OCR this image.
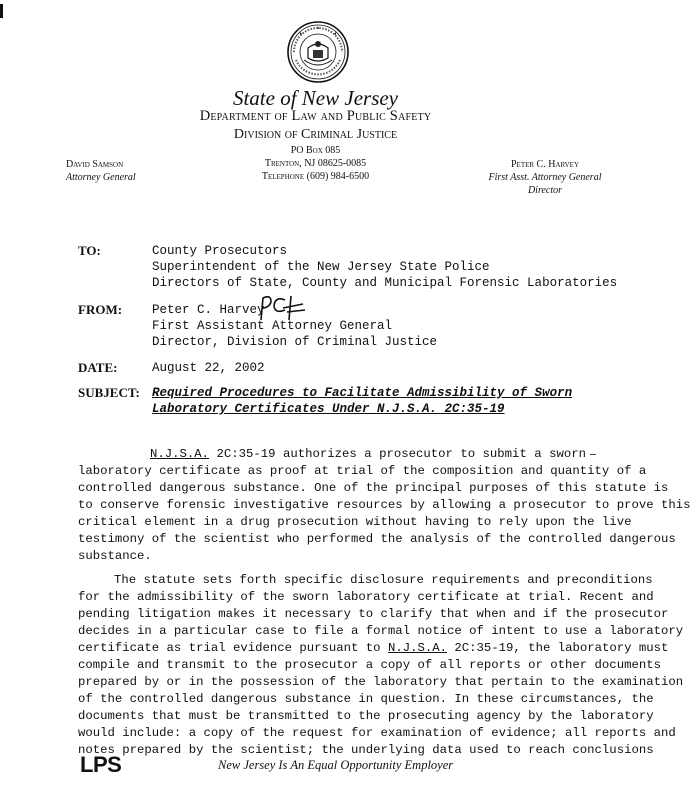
State of New Jersey
Department of Law and Public Safety
Division of Criminal Justice
PO Box 085
Trenton, NJ 08625-0085
Telephone (609) 984-6500
David Samson
Attorney General
Peter C. Harvey
First Asst. Attorney General
Director
TO:	County Prosecutors
Superintendent of the New Jersey State Police
Directors of State, County and Municipal Forensic Laboratories
FROM: Peter C. Harvey
First Assistant Attorney General
Director, Division of Criminal Justice
DATE:	August 22, 2002
SUBJECT: Required Procedures to Facilitate Admissibility of Sworn
Laboratory Certificates Under N.J.S.A. 2C:35-19
N.J.S.A. 2C:35-19 authorizes a prosecutor to submit a sworn
laboratory certificate as proof at trial of the composition and quantity of a
controlled dangerous substance. One of the principal purposes of this statute is
to conserve forensic investigative resources by allowing a prosecutor to prove this
critical element in a drug prosecution without having to rely upon the live
testimony of the scientist who performed the analysis of the controlled dangerous
substance.
The statute sets forth specific disclosure requirements and preconditions
for the admissibility of the sworn laboratory certificate at trial. Recent and
pending litigation makes it necessary to clarify that when and if the prosecutor
decides in a particular case to file a formal notice of intent to use a laboratory
certificate as trial evidence pursuant to N.J.S.A. 2C:35-19, the laboratory must
compile and transmit to the prosecutor a copy of all reports or other documents
prepared by or in the possession of the laboratory that pertain to the examination
of the controlled dangerous substance in question. In these circumstances, the
documents that must be transmitted to the prosecuting agency by the laboratory
would include: a copy of the request for examination of evidence; all reports and
notes prepared by the scientist; the underlying data used to reach conclusions
LPS	New Jersey Is An Equal Opportunity Employer
